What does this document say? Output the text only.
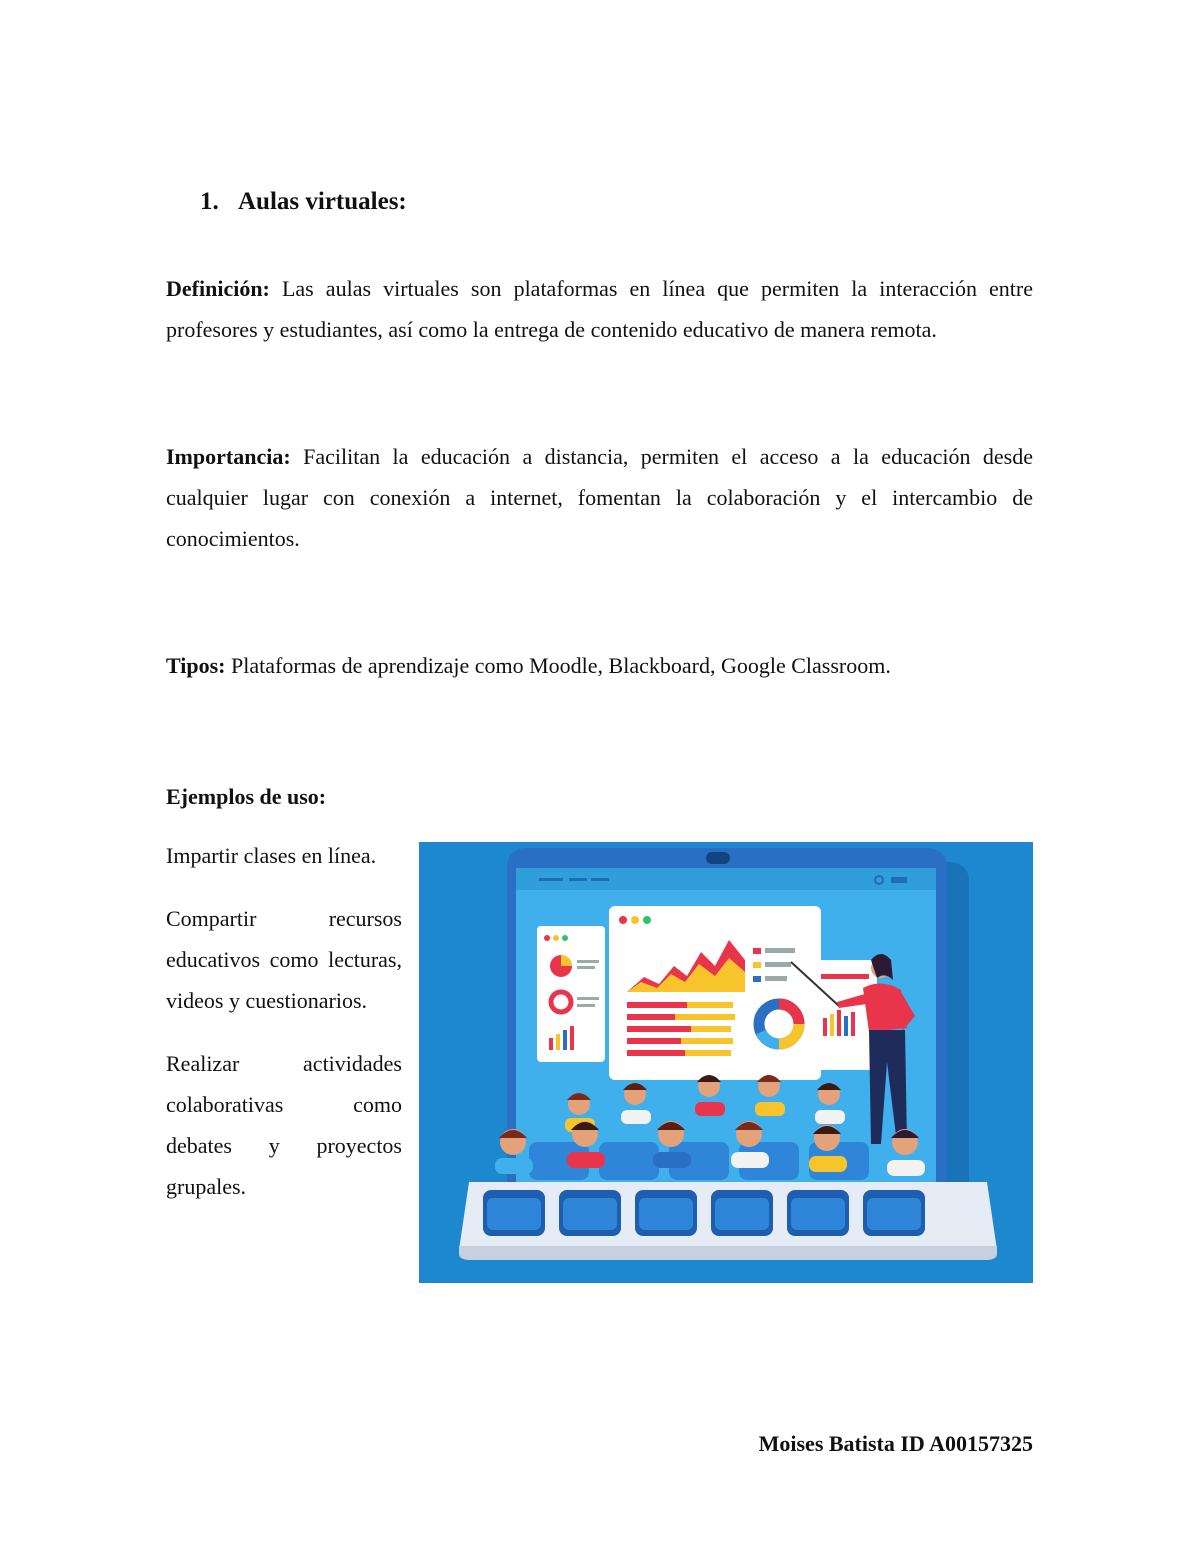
1. Aulas virtuales:

Definición: Las aulas virtuales son plataformas en línea que permiten la interacción entre profesores y estudiantes, así como la entrega de contenido educativo de manera remota.

Importancia: Facilitan la educación a distancia, permiten el acceso a la educación desde cualquier lugar con conexión a internet, fomentan la colaboración y el intercambio de conocimientos.

Tipos: Plataformas de aprendizaje como Moodle, Blackboard, Google Classroom.

Ejemplos de uso:

Impartir clases en línea.

Compartir recursos educativos como lecturas, videos y cuestionarios.

Realizar actividades colaborativas como debates y proyectos grupales.

Moises Batista ID A00157325
